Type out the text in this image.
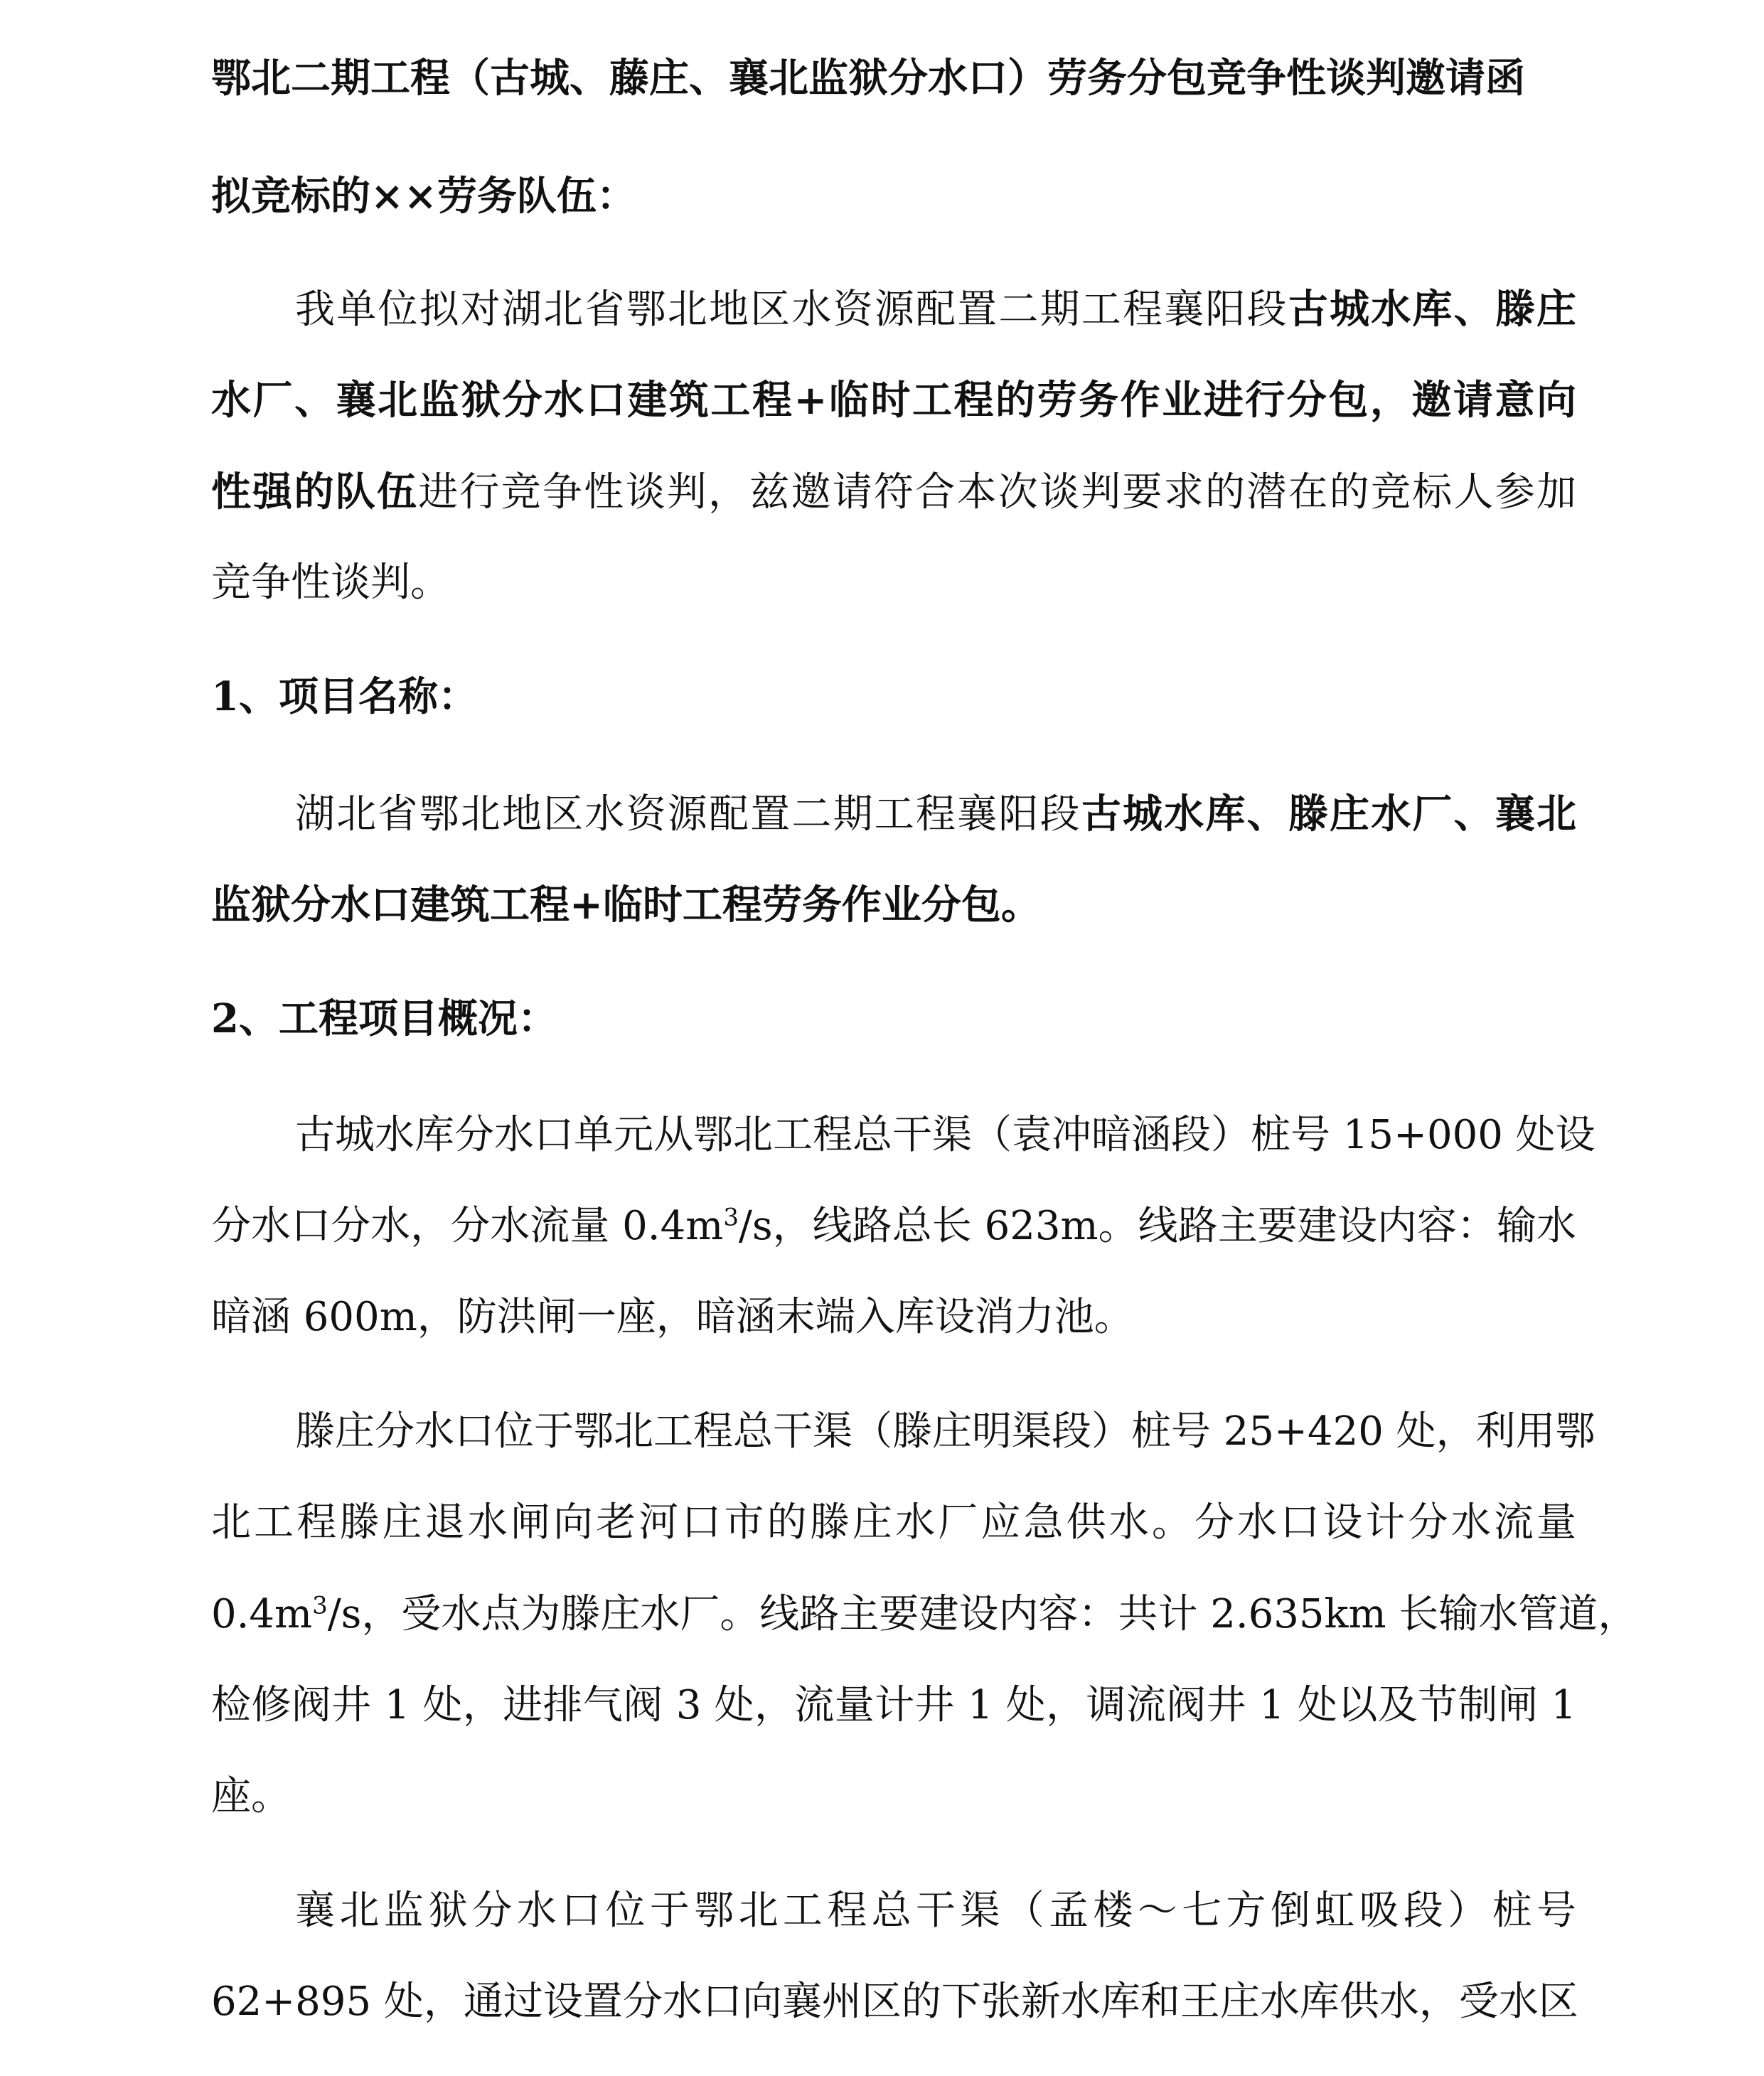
鄂北二期工程（古城、藤庄、襄北监狱分水口）劳务分包竞争性谈判邀请函
拟竞标的××劳务队伍：
我单位拟对湖北省鄂北地区水资源配置二期工程襄阳段古城水库、滕庄
水厂、襄北监狱分水口建筑工程+临时工程的劳务作业进行分包，邀请意向
性强的队伍进行竞争性谈判，兹邀请符合本次谈判要求的潜在的竞标人参加
竞争性谈判。
1、项目名称：
湖北省鄂北地区水资源配置二期工程襄阳段古城水库、滕庄水厂、襄北
监狱分水口建筑工程+临时工程劳务作业分包。
2、工程项目概况：
古城水库分水口单元从鄂北工程总干渠（袁冲暗涵段）桩号 15+000 处设
分水口分水，分水流量 $0.4m^3/s$，线路总长 623m。线路主要建设内容：输水
暗涵 600m，防洪闸一座，暗涵末端入库设消力池。
滕庄分水口位于鄂北工程总干渠（滕庄明渠段）桩号 25+420 处，利用鄂
北工程滕庄退水闸向老河口市的滕庄水厂应急供水。分水口设计分水流量
$0.4m^3/s$，受水点为滕庄水厂。线路主要建设内容：共计 2.635km 长输水管道，
检修阀井 1 处，进排气阀 3 处，流量计井 1 处，调流阀井 1 处以及节制闸 1
座。
襄北监狱分水口位于鄂北工程总干渠（孟楼～七方倒虹吸段）桩号
62+895 处，通过设置分水口向襄州区的下张新水库和王庄水库供水，受水区
